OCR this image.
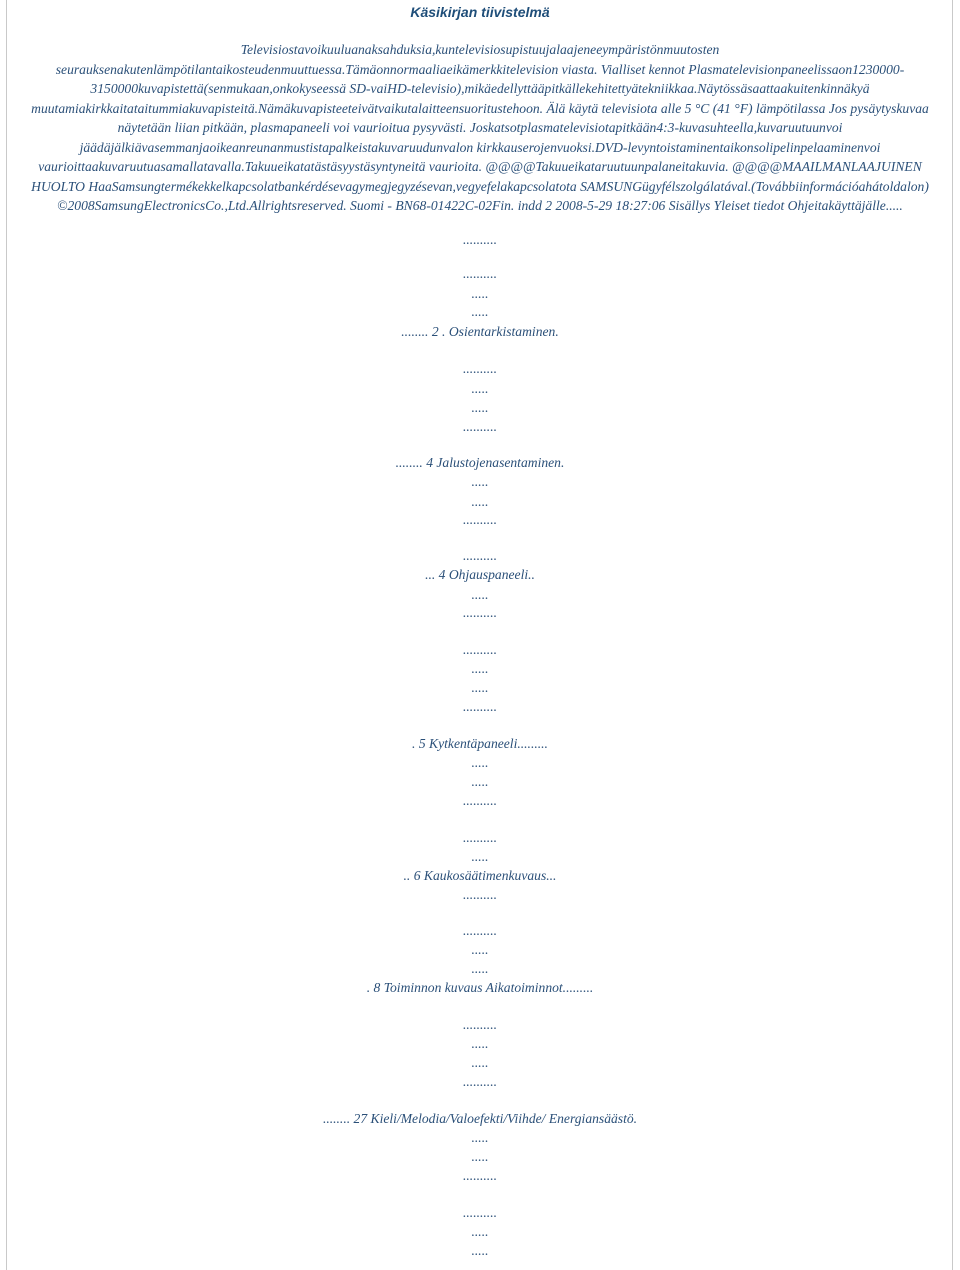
Käsikirjan tiivistelmä
Televisiostavoikuuluanaksahduksia,kuntelevisiosupistuujalaajeneeympäristönmuutosten seurauksenakutenlämpötilantaikosteudenmuuttuessa.Tämäonnormaaliaeikämerkkitelevision viasta. Vialliset kennot Plasmatelevisionpaneelissaon1230000-3150000kuvapistettä(senmukaan,onkokyseessä SD-vaiHD-televisio),mikäedellyttääpitkällekehitettyätekniikkaa.Näytössäsaattaakuitenkinnäkyä muutamiakirkkaitataitummiakuvapisteitä.Nämäkuvapisteeteivätvaikutalaitteensuoritustehoon. Älä käytä televisiota alle 5 °C (41 °F) lämpötilassa Jos pysäytyskuvaa näytetään liian pitkään, plasmapaneeli voi vaurioitua pysyvästi. Joskatsotplasmatelevisiotapitkään4:3-kuvasuhteella,kuvaruutuunvoi jäädäjälkiävasemmanjaoikeanreunanmustistapalkeistakuvaruudunvalon kirkkauserojenvuoksi.DVD-levyntoistaminentaikonsolipelinpelaaminenvoi vaurioittaakuvaruutuasamallatavalla.Takuueikatatästäsyystäsyntyneitä vaurioita. @@@@Takuueikataruutuunpalaneitakuvia. @@@@MAAILMANLAAJUINEN HUOLTO HaaSamsungtermékekkelkapcsolatbankérdésevagymegjegyzésevan,vegyefelakapcsolatota SAMSUNGügyfélszolgálatával.(Továbbiinformációahátoldalon) ©2008SamsungElectronicsCo.,Ltd.Allrightsreserved. Suomi - BN68-01422C-02Fin. indd 2 2008-5-29 18:27:06 Sisällys Yleiset tiedot Ohjeitakäyttäjälle.....
..........
..........
.....
.....
........ 2 . Osientarkistaminen.
..........
.....
.....
..........
........ 4 Jalustojenasentaminen.
.....
.....
..........
..........
... 4 Ohjauspaneeli..
.....
..........
..........
.....
.....
..........
. 5 Kytkentäpaneeli.........
.....
.....
..........
..........
.....
.. 6 Kaukosäätimenkuvaus...
..........
..........
.....
.....
. 8 Toiminnon kuvaus Aikatoiminnot.........
..........
.....
.....
..........
........ 27 Kieli/Melodia/Valoefekti/Viihde/ Energiansäästö.
.....
.....
..........
..........
.....
.....
